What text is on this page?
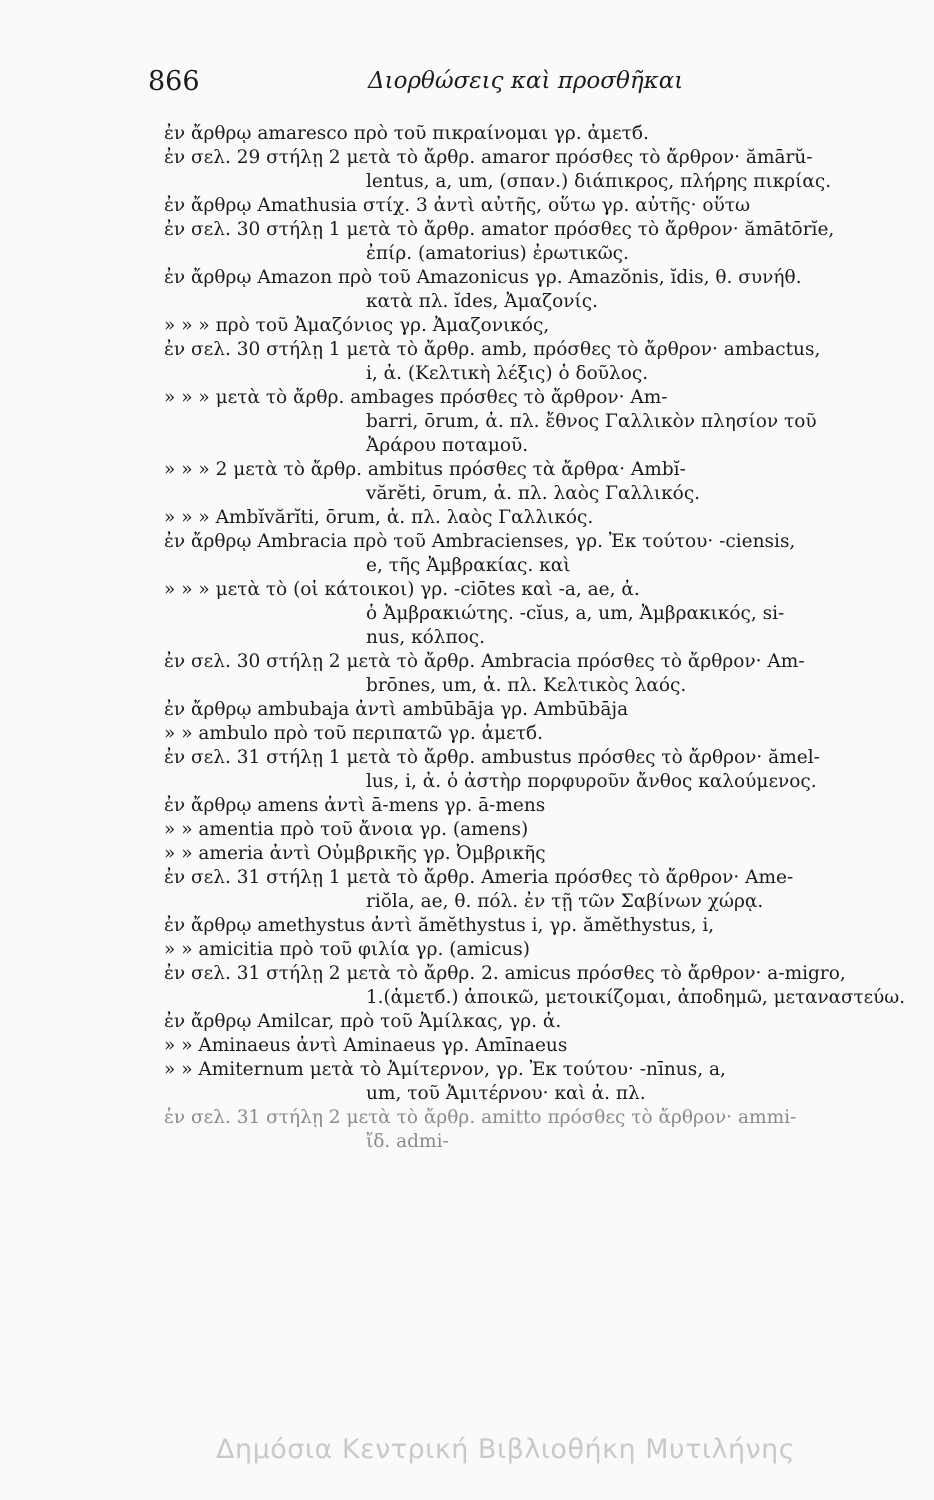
866	Διορθώσεις καὶ προσθῆκαι
ἐν ἄρθρῳ amaresco πρὸ τοῦ πικραίνομαι γρ. ἀμετб.
ἐν σελ. 29 στήλῃ 2 μετὰ τὸ ἄρθρ. amaror πρόσθες τὸ ἄρθρον· ămārŭ-
lentus, a, um, (σπαν.) διάπικρος, πλήρης πικρίας.
ἐν ἄρθρῳ Amathusia στίχ. 3 ἀντὶ αὐτῆς, οὕτω γρ. αὐτῆς· οὕτω
ἐν σελ. 30 στήλῃ 1 μετὰ τὸ ἄρθρ. amator πρόσθες τὸ ἄρθρον· ămātōrĭe,
ἐπίρ. (amatorius) ἐρωτικῶς.
ἐν ἄρθρῳ Amazon πρὸ τοῦ Amazonicus γρ. Amazŏnis, ĭdis, θ. συνήθ.
κατὰ πλ. ĭdes, Ἀμαζονίς.
» » » πρὸ τοῦ Ἀμαζόνιος γρ. Ἀμαζονικός,
ἐν σελ. 30 στήλῃ 1 μετὰ τὸ ἄρθρ. amb, πρόσθες τὸ ἄρθρον· ambactus,
i, ἀ. (Κελτικὴ λέξις) ὁ δοῦλος.
» » » μετὰ τὸ ἄρθρ. ambages πρόσθες τὸ ἄρθρον· Am-
barri, ōrum, ἀ. πλ. ἔθνος Γαλλικὸν πλησίον τοῦ
Ἀράρου ποταμοῦ.
» » » 2 μετὰ τὸ ἄρθρ. ambitus πρόσθες τὰ ἄρθρα· Ambĭ-
vărĕti, ōrum, ἀ. πλ. λαὸς Γαλλικός.
» » » Ambĭvărĭti, ōrum, ἀ. πλ. λαὸς Γαλλικός.
ἐν ἄρθρῳ Ambracia πρὸ τοῦ Ambracienses, γρ. Ἐκ τούτου· -ciensis,
e, τῆς Ἀμβρακίας. καὶ
» » » μετὰ τὸ (οἱ κάτοικοι) γρ. -ciōtes καὶ -a, ae, ἀ.
ὁ Ἀμβρακιώτης. -cĭus, a, um, Ἀμβρακικός, si-
nus, κόλπος.
ἐν σελ. 30 στήλῃ 2 μετὰ τὸ ἄρθρ. Ambracia πρόσθες τὸ ἄρθρον· Am-
brōnes, um, ἀ. πλ. Κελτικὸς λαός.
ἐν ἄρθρῳ ambubaja ἀντὶ ambūbāja γρ. Ambūbāja
» » ambulo πρὸ τοῦ περιπατῶ γρ. ἀμετб.
ἐν σελ. 31 στήλῃ 1 μετὰ τὸ ἄρθρ. ambustus πρόσθες τὸ ἄρθρον· ămel-
lus, i, ἀ. ὁ ἀστὴρ πορφυροῦν ἄνθος καλούμενος.
ἐν ἄρθρῳ amens ἀντὶ ā-mens γρ. ā-mens
» » amentia πρὸ τοῦ ἄνοια γρ. (amens)
» » ameria ἀντὶ Οὐμβρικῆς γρ. Ὀμβρικῆς
ἐν σελ. 31 στήλῃ 1 μετὰ τὸ ἄρθρ. Ameria πρόσθες τὸ ἄρθρον· Ame-
riŏla, ae, θ. πόλ. ἐν τῇ τῶν Σαβίνων χώρᾳ.
ἐν ἄρθρῳ amethystus ἀντὶ ămĕthystus i, γρ. ămĕthystus, i,
» » amicitia πρὸ τοῦ φιλία γρ. (amicus)
ἐν σελ. 31 στήλῃ 2 μετὰ τὸ ἄρθρ. 2. amicus πρόσθες τὸ ἄρθρον· a-migro,
1.(ἀμετб.) ἀποικῶ, μετοικίζομαι, ἀποδημῶ, μεταναστεύω.
ἐν ἄρθρῳ Amilcar, πρὸ τοῦ Ἀμίλκας, γρ. ἀ.
» » Aminaeus ἀντὶ Aminaeus γρ. Amīnaeus
» » Amiternum μετὰ τὸ Ἀμίτερνον, γρ. Ἐκ τούτου· -nīnus, a,
um, τοῦ Ἀμιτέρνου· καὶ ἀ. πλ.
ἐν σελ. 31 στήλῃ 2 μετὰ τὸ ἄρθρ. amitto πρόσθες τὸ ἄρθρον· ammi-
ἴδ. admi-
Δημόσια Κεντρική Βιβλιοθήκη Μυτιλήνης
